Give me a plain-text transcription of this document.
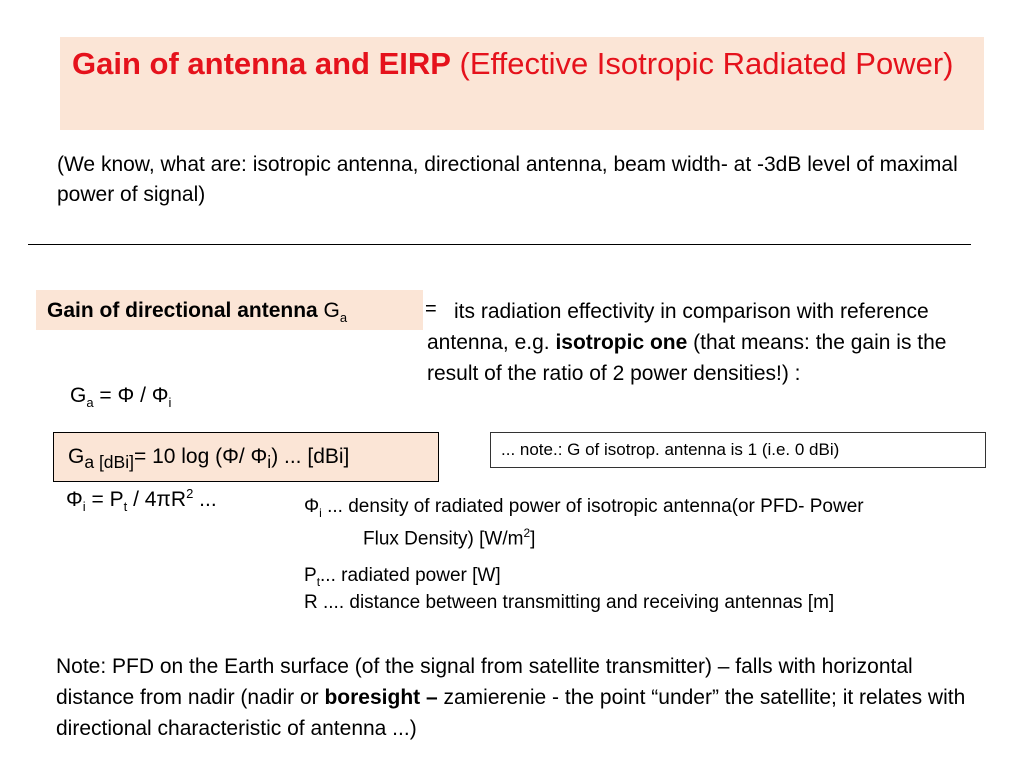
Gain of antenna and EIRP (Effective Isotropic Radiated Power)
(We know, what are: isotropic antenna, directional antenna, beam width- at -3dB level of maximal power of signal)
Gain of directional antenna $G_a$	= its radiation effectivity in comparison with reference antenna, e.g. isotropic one (that means: the gain is the result of the ratio of 2 power densities!) :
$G_a = \Phi / \Phi_i$
$G_{a [dBi]}= 10$ log (Φ/ $\Phi_i$) ... [dBi]
$\Phi_i = P_t / 4\pi R^2$ ...
... note.: G of isotrop. antenna is 1 (i.e. 0 dBi)
$\Phi_i$ ... density of radiated power of isotropic antenna(or PFD- Power
Flux Density) $[W/m^2]$
$P_t$... radiated power [W]
R .... distance between transmitting and receiving antennas [m]
Note: PFD on the Earth surface (of the signal from satellite transmitter) – falls with horizontal distance from nadir (nadir or boresight – zamierenie - the point “under” the satellite; it relates with directional characteristic of antenna ...)
